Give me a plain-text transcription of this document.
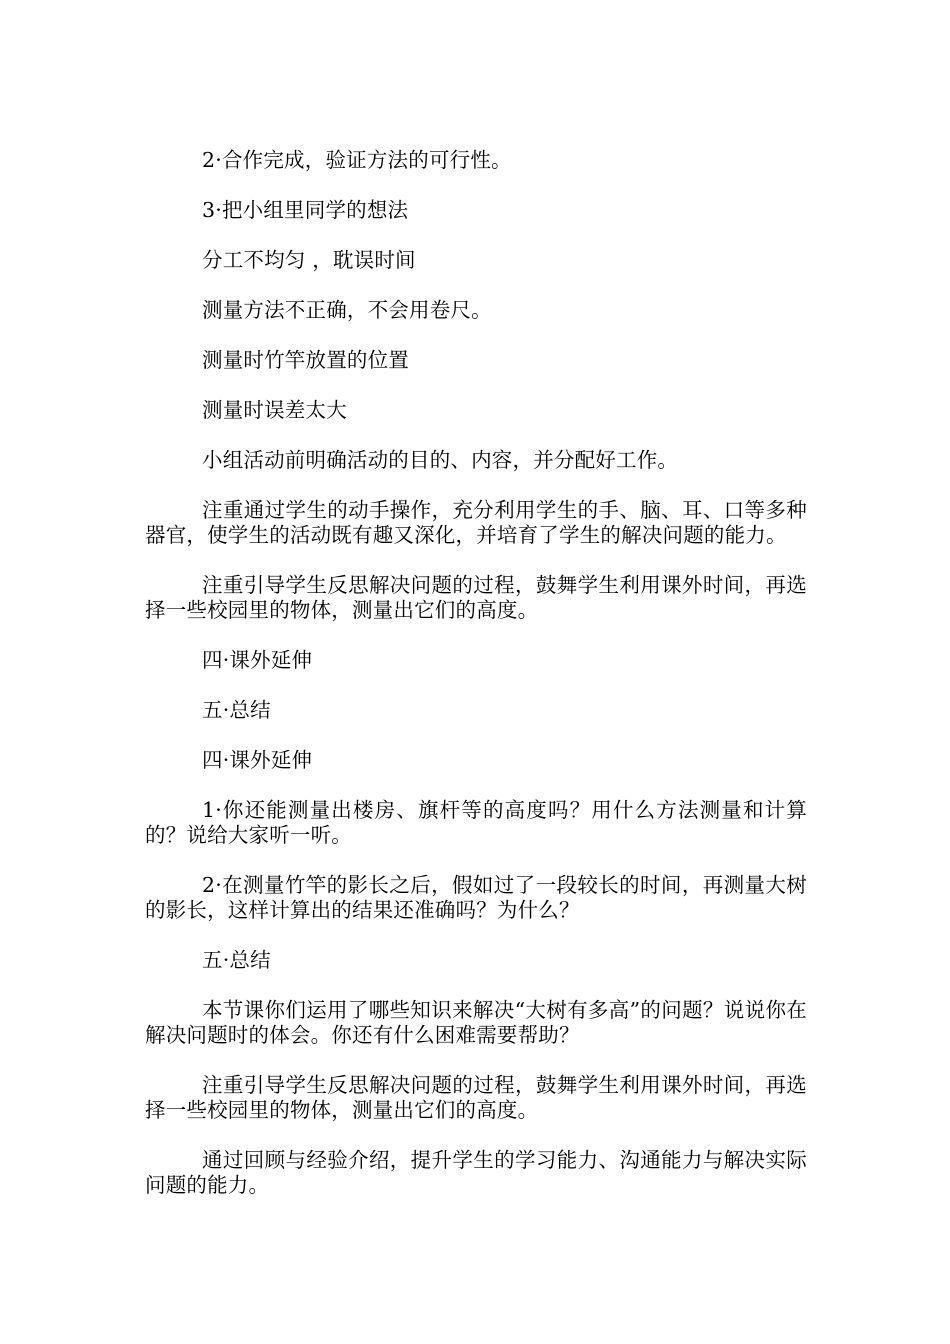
2·合作完成，验证方法的可行性。

3·把小组里同学的想法

分工不均匀 ，耽误时间

测量方法不正确，不会用卷尺。

测量时竹竿放置的位置

测量时误差太大

小组活动前明确活动的目的、内容，并分配好工作。

注重通过学生的动手操作，充分利用学生的手、脑、耳、口等多种器官，使学生的活动既有趣又深化，并培育了学生的解决问题的能力。

注重引导学生反思解决问题的过程，鼓舞学生利用课外时间，再选择一些校园里的物体，测量出它们的高度。

四·课外延伸

五·总结

四·课外延伸

1·你还能测量出楼房、旗杆等的高度吗？用什么方法测量和计算的？说给大家听一听。

2·在测量竹竿的影长之后，假如过了一段较长的时间，再测量大树的影长，这样计算出的结果还准确吗？为什么？

五·总结

本节课你们运用了哪些知识来解决“大树有多高”的问题？说说你在解决问题时的体会。你还有什么困难需要帮助？

注重引导学生反思解决问题的过程，鼓舞学生利用课外时间，再选择一些校园里的物体，测量出它们的高度。

通过回顾与经验介绍，提升学生的学习能力、沟通能力与解决实际问题的能力。
